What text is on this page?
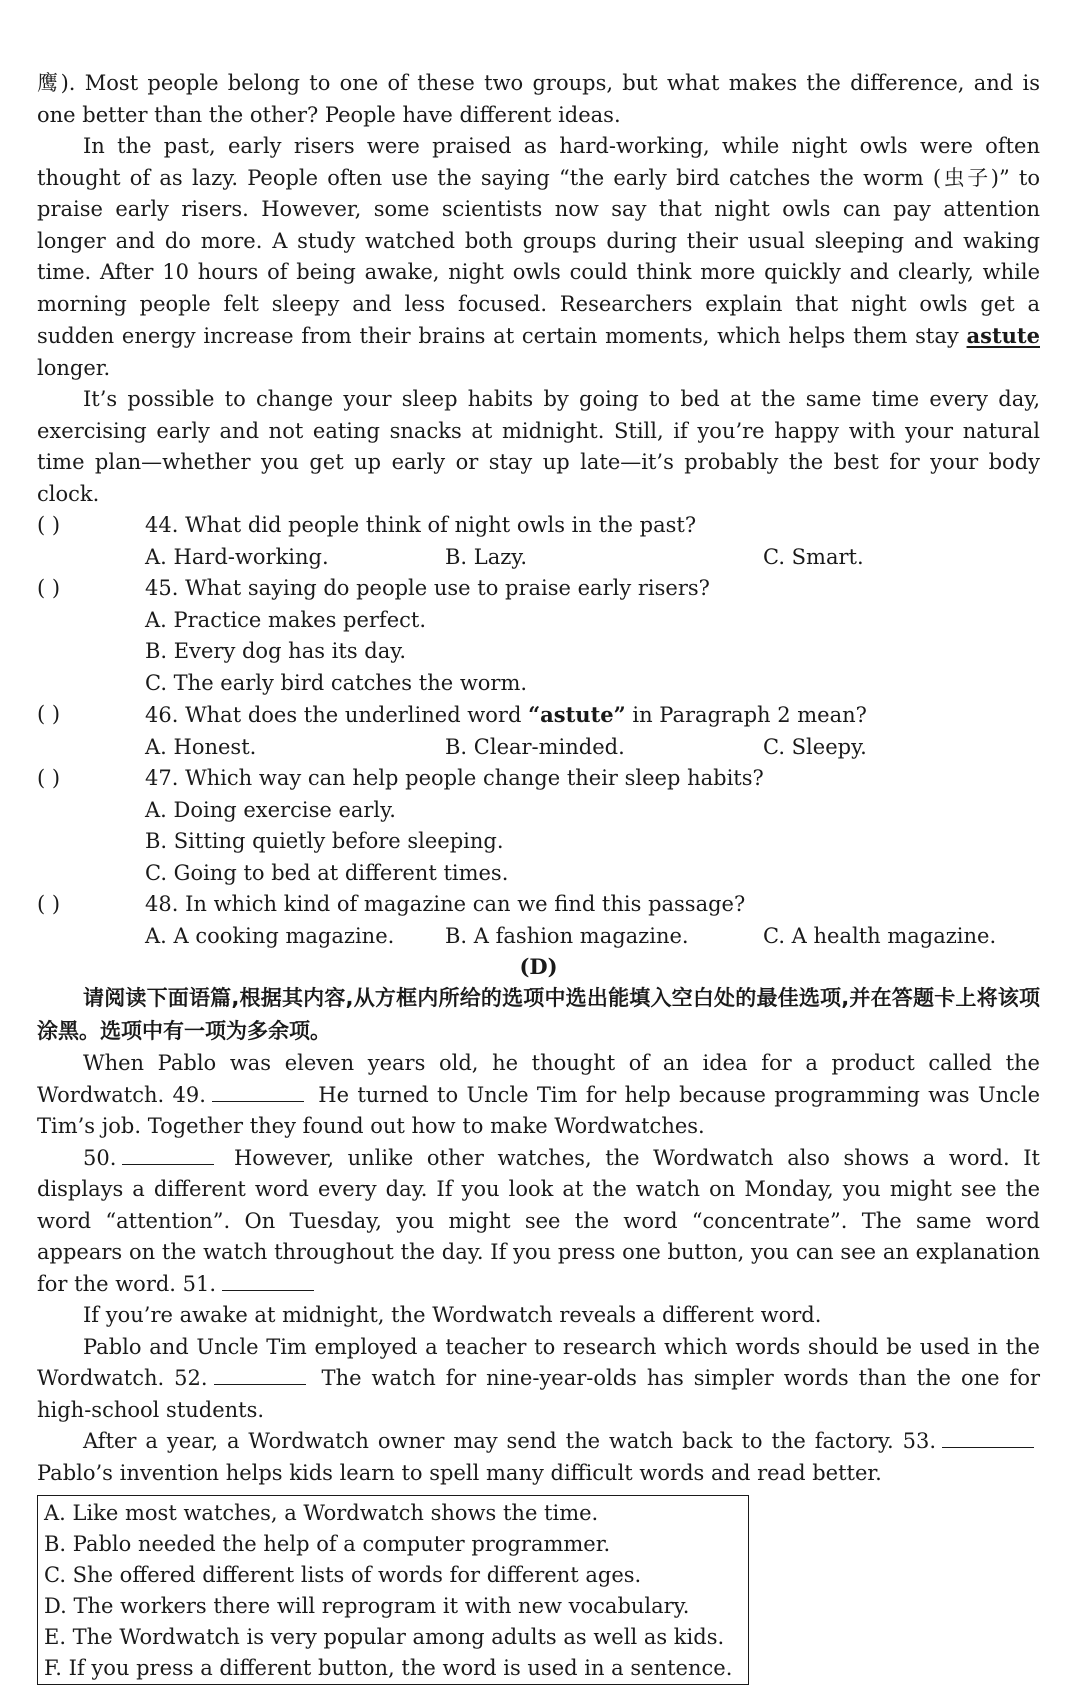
鹰). Most people belong to one of these two groups, but what makes the difference, and is one better than the other? People have different ideas.

In the past, early risers were praised as hard-working, while night owls were often thought of as lazy. People often use the saying “the early bird catches the worm (虫子)” to praise early risers. However, some scientists now say that night owls can pay attention longer and do more. A study watched both groups during their usual sleeping and waking time. After 10 hours of being awake, night owls could think more quickly and clearly, while morning people felt sleepy and less focused. Researchers explain that night owls get a sudden energy increase from their brains at certain moments, which helps them stay astute longer.

It’s possible to change your sleep habits by going to bed at the same time every day, exercising early and not eating snacks at midnight. Still, if you’re happy with your natural time plan—whether you get up early or stay up late—it’s probably the best for your body clock.

( )	44. What did people think of night owls in the past?
A. Hard-working.	B. Lazy.	C. Smart.
( )	45. What saying do people use to praise early risers?
A. Practice makes perfect.
B. Every dog has its day.
C. The early bird catches the worm.
( )	46. What does the underlined word “astute” in Paragraph 2 mean?
A. Honest.	B. Clear-minded.	C. Sleepy.
( )	47. Which way can help people change their sleep habits?
A. Doing exercise early.
B. Sitting quietly before sleeping.
C. Going to bed at different times.
( )	48. In which kind of magazine can we find this passage?
A. A cooking magazine.	B. A fashion magazine.	C. A health magazine.

(D)

请阅读下面语篇,根据其内容,从方框内所给的选项中选出能填入空白处的最佳选项,并在答题卡上将该项涂黑。选项中有一项为多余项。

When Pablo was eleven years old, he thought of an idea for a product called the Wordwatch. 49.	He turned to Uncle Tim for help because programming was Uncle Tim’s job. Together they found out how to make Wordwatches.

50.	However, unlike other watches, the Wordwatch also shows a word. It displays a different word every day. If you look at the watch on Monday, you might see the word “attention”. On Tuesday, you might see the word “concentrate”. The same word appears on the watch throughout the day. If you press one button, you can see an explanation for the word. 51.

If you’re awake at midnight, the Wordwatch reveals a different word.

Pablo and Uncle Tim employed a teacher to research which words should be used in the Wordwatch. 52.	The watch for nine-year-olds has simpler words than the one for high-school students.

After a year, a Wordwatch owner may send the watch back to the factory. 53. Pablo’s invention helps kids learn to spell many difficult words and read better.

A. Like most watches, a Wordwatch shows the time.
B. Pablo needed the help of a computer programmer.
C. She offered different lists of words for different ages.
D. The workers there will reprogram it with new vocabulary.
E. The Wordwatch is very popular among adults as well as kids.
F. If you press a different button, the word is used in a sentence.
